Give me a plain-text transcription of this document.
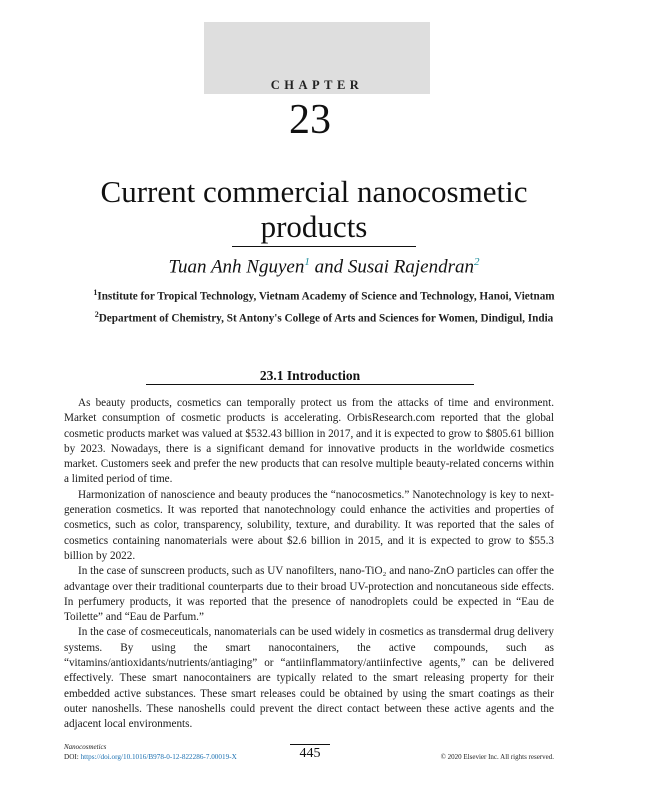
CHAPTER
23
Current commercial nanocosmetic
products
Tuan Anh Nguyen$^1$ and Susai Rajendran$^2$
$^1$Institute for Tropical Technology, Vietnam Academy of Science and Technology, Hanoi, Vietnam $^2$Department of Chemistry, St Antony's College of Arts and Sciences for Women, Dindigul, India
23.1 Introduction

As beauty products, cosmetics can temporally protect us from the attacks of time and environment. Market consumption of cosmetic products is accelerating. OrbisResearch.com reported that the global cosmetic products market was valued at $532.43 billion in 2017, and it is expected to grow to $805.61 billion by 2023. Nowadays, there is a significant demand for innovative products in the worldwide cosmetics market. Customers seek and prefer the new products that can resolve multiple beauty-related concerns within a limited period of time.

Harmonization of nanoscience and beauty produces the “nanocosmetics.” Nanotechnology is key to next-generation cosmetics. It was reported that nanotechnology could enhance the activities and properties of cosmetics, such as color, transparency, solubility, texture, and durability. It was reported that the sales of cosmetics containing nanomaterials were about $2.6 billion in 2015, and it is expected to grow to $55.3 billion by 2022.

In the case of sunscreen products, such as UV nanofilters, nano-TiO₂ and nano-ZnO particles can offer the advantage over their traditional counterparts due to their broad UV-protection and noncutaneous side effects. In perfumery products, it was reported that the presence of nanodroplets could be expected in “Eau de Toilette” and “Eau de Parfum.”

In the case of cosmeceuticals, nanomaterials can be used widely in cosmetics as transdermal drug delivery systems. By using the smart nanocontainers, the active compounds, such as “vitamins/antioxidants/nutrients/antiaging” or “antiinflammatory/antiinfective agents,” can be delivered effectively. These smart nanocontainers are typically related to the smart releasing property for their embedded active substances. These smart releases could be obtained by using the smart coatings as their outer nanoshells. These nanoshells could prevent the direct contact between these active agents and the adjacent local environments.

Nanocosmetics
DOI: https://doi.org/10.1016/B978-0-12-822286-7.00019-X	445	© 2020 Elsevier Inc. All rights reserved.
